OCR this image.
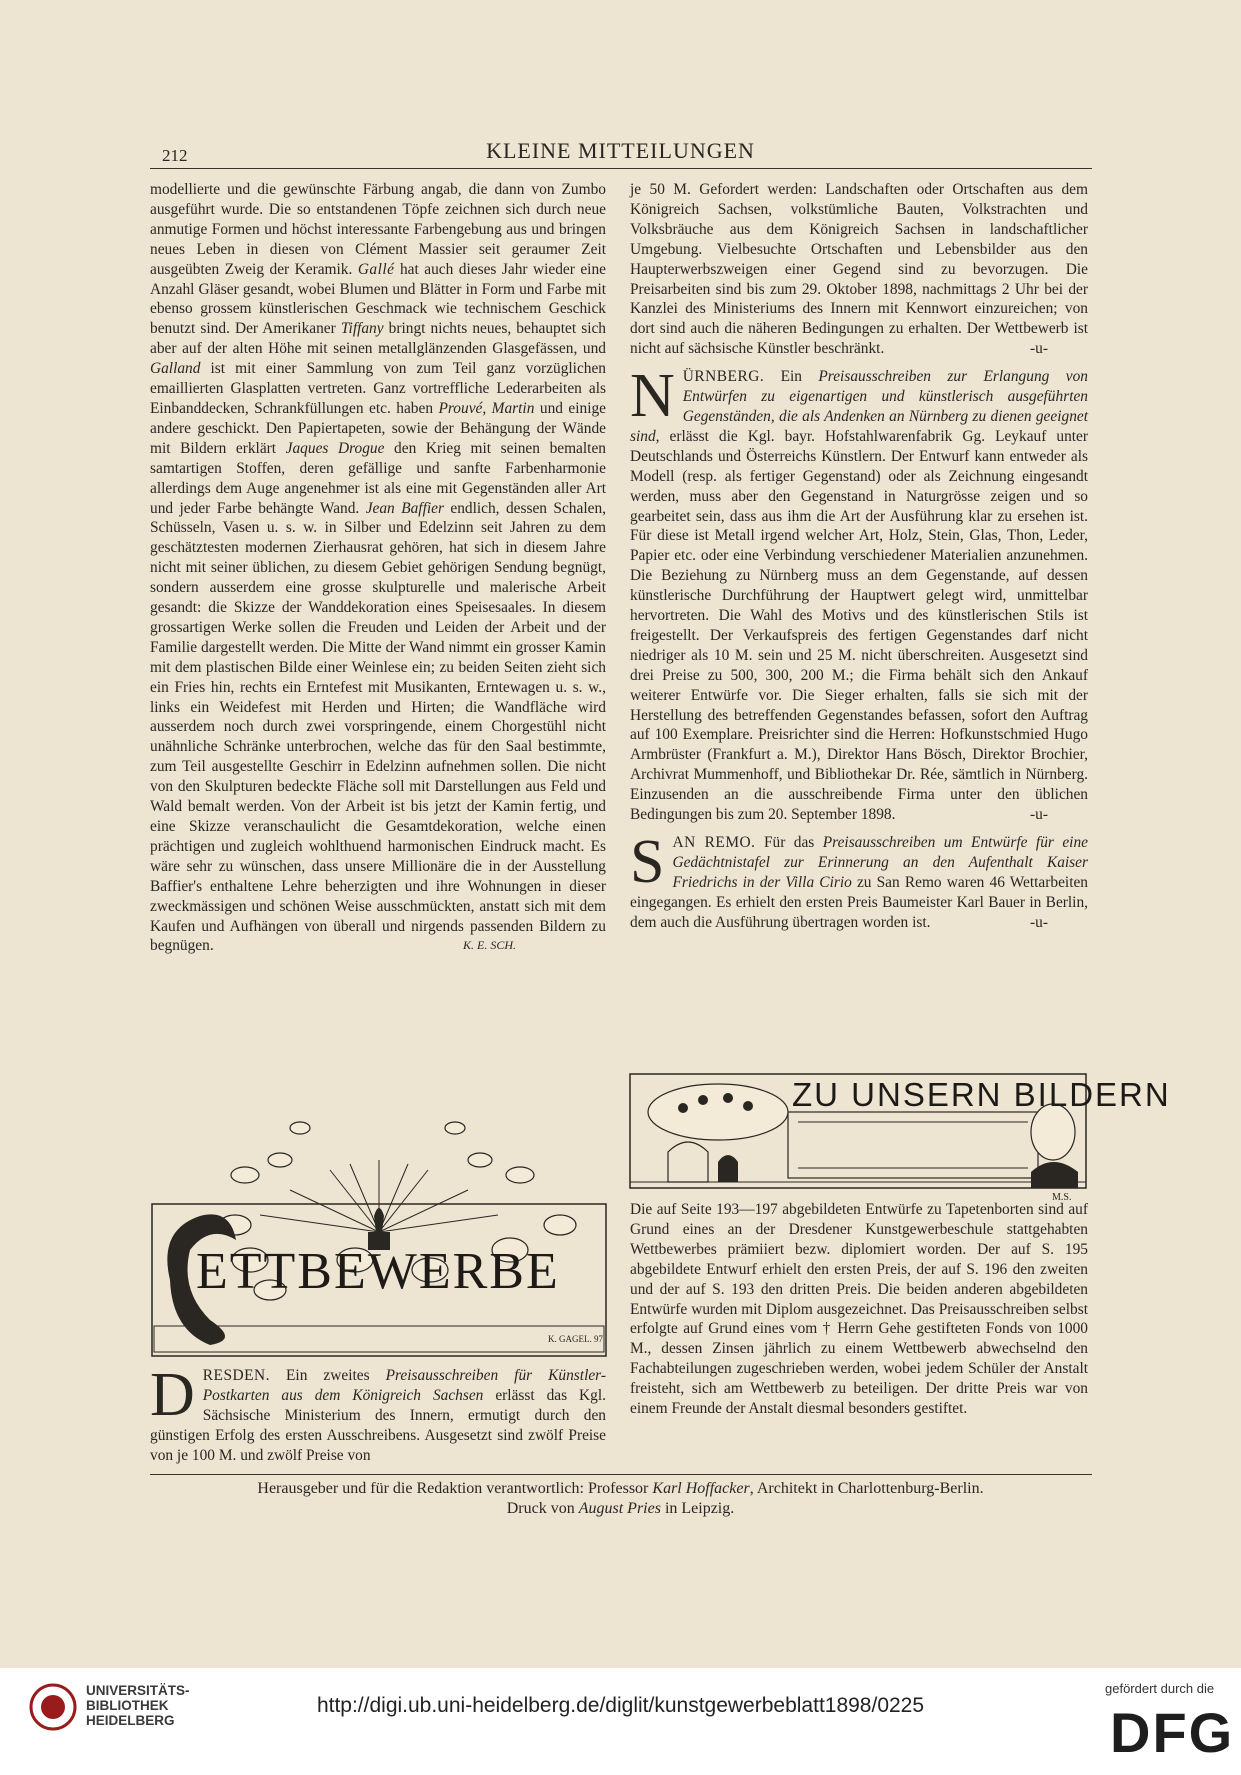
212	KLEINE MITTEILUNGEN

modellierte und die gewünschte Färbung angab, die dann von Zumbo ausgeführt wurde. Die so entstandenen Töpfe zeichnen sich durch neue anmutige Formen und höchst interessante Farbengebung aus und bringen neues Leben in diesen von Clément Massier seit geraumer Zeit ausgeübten Zweig der Keramik. Gallé hat auch dieses Jahr wieder eine Anzahl Gläser gesandt, wobei Blumen und Blätter in Form und Farbe mit ebenso grossem künstlerischen Geschmack wie technischem Geschick benutzt sind. Der Amerikaner Tiffany bringt nichts neues, behauptet sich aber auf der alten Höhe mit seinen metallglänzenden Glasgefässen, und Galland ist mit einer Sammlung von zum Teil ganz vorzüglichen emaillierten Glasplatten vertreten. Ganz vortreffliche Lederarbeiten als Einbanddecken, Schrankfüllungen etc. haben Prouvé, Martin und einige andere geschickt. Den Papiertapeten, sowie der Behängung der Wände mit Bildern erklärt Jaques Drogue den Krieg mit seinen bemalten samtartigen Stoffen, deren gefällige und sanfte Farbenharmonie allerdings dem Auge angenehmer ist als eine mit Gegenständen aller Art und jeder Farbe behängte Wand. Jean Baffier endlich, dessen Schalen, Schüsseln, Vasen u. s. w. in Silber und Edelzinn seit Jahren zu dem geschätztesten modernen Zierhausrat gehören, hat sich in diesem Jahre nicht mit seiner üblichen, zu diesem Gebiet gehörigen Sendung begnügt, sondern ausserdem eine grosse skulpturelle und malerische Arbeit gesandt: die Skizze der Wanddekoration eines Speisesaales. In diesem grossartigen Werke sollen die Freuden und Leiden der Arbeit und der Familie dargestellt werden. Die Mitte der Wand nimmt ein grosser Kamin mit dem plastischen Bilde einer Weinlese ein; zu beiden Seiten zieht sich ein Fries hin, rechts ein Erntefest mit Musikanten, Erntewagen u. s. w., links ein Weidefest mit Herden und Hirten; die Wandfläche wird ausserdem noch durch zwei vorspringende, einem Chorgestühl nicht unähnliche Schränke unterbrochen, welche das für den Saal bestimmte, zum Teil ausgestellte Geschirr in Edelzinn aufnehmen sollen. Die nicht von den Skulpturen bedeckte Fläche soll mit Darstellungen aus Feld und Wald bemalt werden. Von der Arbeit ist bis jetzt der Kamin fertig, und eine Skizze veranschaulicht die Gesamtdekoration, welche einen prächtigen und zugleich wohlthuend harmonischen Eindruck macht. Es wäre sehr zu wünschen, dass unsere Millionäre die in der Ausstellung Baffier's enthaltene Lehre beherzigten und ihre Wohnungen in dieser zweckmässigen und schönen Weise ausschmückten, anstatt sich mit dem Kaufen und Aufhängen von überall und nirgends passenden Bildern zu begnügen.	K. E. SCH.

je 50 M. Gefordert werden: Landschaften oder Ortschaften aus dem Königreich Sachsen, volkstümliche Bauten, Volkstrachten und Volksbräuche aus dem Königreich Sachsen in landschaftlicher Umgebung. Vielbesuchte Ortschaften und Lebensbilder aus den Haupterwerbszweigen einer Gegend sind zu bevorzugen. Die Preisarbeiten sind bis zum 29. Oktober 1898, nachmittags 2 Uhr bei der Kanzlei des Ministeriums des Innern mit Kennwort einzureichen; von dort sind auch die näheren Bedingungen zu erhalten. Der Wettbewerb ist nicht auf sächsische Künstler beschränkt.	-u-

NÜRNBERG. Ein Preisausschreiben zur Erlangung von Entwürfen zu eigenartigen und künstlerisch ausgeführten Gegenständen, die als Andenken an Nürnberg zu dienen geeignet sind, erlässt die Kgl. bayr. Hofstahlwarenfabrik Gg. Leykauf unter Deutschlands und Österreichs Künstlern. Der Entwurf kann entweder als Modell (resp. als fertiger Gegenstand) oder als Zeichnung eingesandt werden, muss aber den Gegenstand in Naturgrösse zeigen und so gearbeitet sein, dass aus ihm die Art der Ausführung klar zu ersehen ist. Für diese ist Metall irgend welcher Art, Holz, Stein, Glas, Thon, Leder, Papier etc. oder eine Verbindung verschiedener Materialien anzunehmen. Die Beziehung zu Nürnberg muss an dem Gegenstande, auf dessen künstlerische Durchführung der Hauptwert gelegt wird, unmittelbar hervortreten. Die Wahl des Motivs und des künstlerischen Stils ist freigestellt. Der Verkaufspreis des fertigen Gegenstandes darf nicht niedriger als 10 M. sein und 25 M. nicht überschreiten. Ausgesetzt sind drei Preise zu 500, 300, 200 M.; die Firma behält sich den Ankauf weiterer Entwürfe vor. Die Sieger erhalten, falls sie sich mit der Herstellung des betreffenden Gegenstandes befassen, sofort den Auftrag auf 100 Exemplare. Preisrichter sind die Herren: Hofkunstschmied Hugo Armbrüster (Frankfurt a. M.), Direktor Hans Bösch, Direktor Brochier, Archivrat Mummenhoff, und Bibliothekar Dr. Rée, sämtlich in Nürnberg. Einzusenden an die ausschreibende Firma unter den üblichen Bedingungen bis zum 20. September 1898.	-u-

SAN REMO. Für das Preisausschreiben um Entwürfe für eine Gedächtnistafel zur Erinnerung an den Aufenthalt Kaiser Friedrichs in der Villa Cirio zu San Remo waren 46 Wettarbeiten eingegangen. Es erhielt den ersten Preis Baumeister Karl Bauer in Berlin, dem auch die Ausführung übertragen worden ist.	-u-

ETTBEWERBE
K. GAGEL. 97
ZU UNSERN BILDERN
M.S.

DRESDEN. Ein zweites Preisausschreiben für Künstler-Postkarten aus dem Königreich Sachsen erlässt das Kgl. Sächsische Ministerium des Innern, ermutigt durch den günstigen Erfolg des ersten Ausschreibens. Ausgesetzt sind zwölf Preise von je 100 M. und zwölf Preise von

Die auf Seite 193—197 abgebildeten Entwürfe zu Tapetenborten sind auf Grund eines an der Dresdener Kunstgewerbeschule stattgehabten Wettbewerbes prämiiert bezw. diplomiert worden. Der auf S. 195 abgebildete Entwurf erhielt den ersten Preis, der auf S. 196 den zweiten und der auf S. 193 den dritten Preis. Die beiden anderen abgebildeten Entwürfe wurden mit Diplom ausgezeichnet. Das Preisausschreiben selbst erfolgte auf Grund eines vom † Herrn Gehe gestifteten Fonds von 1000 M., dessen Zinsen jährlich zu einem Wettbewerb abwechselnd den Fachabteilungen zugeschrieben werden, wobei jedem Schüler der Anstalt freisteht, sich am Wettbewerb zu beteiligen. Der dritte Preis war von einem Freunde der Anstalt diesmal besonders gestiftet.

Herausgeber und für die Redaktion verantwortlich: Professor Karl Hoffacker, Architekt in Charlottenburg-Berlin.
Druck von August Pries in Leipzig.
UNIVERSITÄTS-
BIBLIOTHEK
HEIDELBERG
http://digi.ub.uni-heidelberg.de/diglit/kunstgewerbeblatt1898/0225
gefördert durch die
DFG
